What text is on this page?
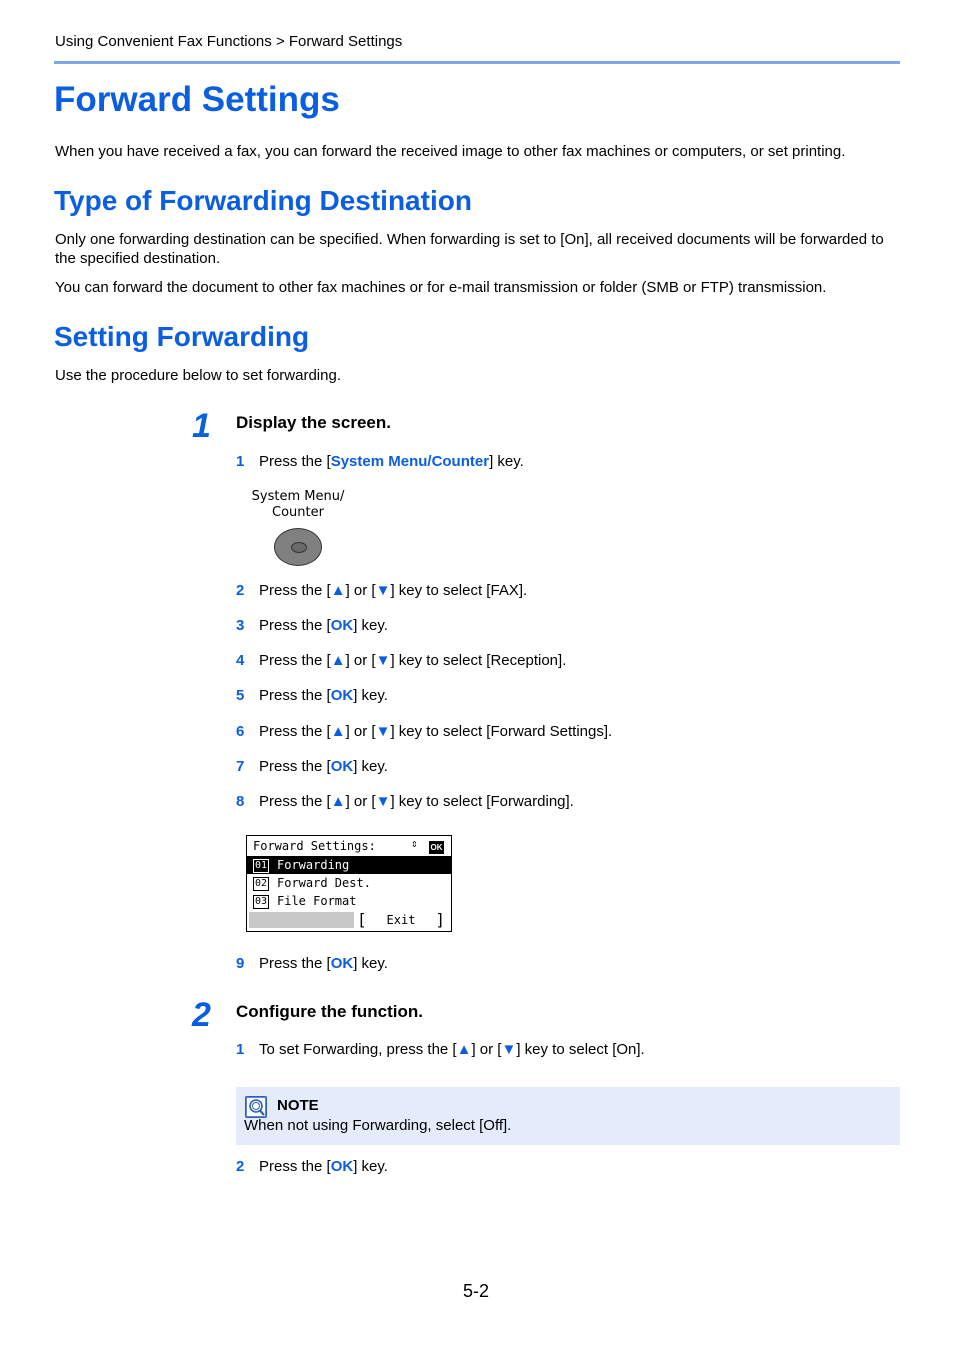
Using Convenient Fax Functions > Forward Settings
Forward Settings
When you have received a fax, you can forward the received image to other fax machines or computers, or set printing.
Type of Forwarding Destination
Only one forwarding destination can be specified. When forwarding is set to [On], all received documents will be forwarded to the specified destination.
You can forward the document to other fax machines or for e-mail transmission or folder (SMB or FTP) transmission.
Setting Forwarding
Use the procedure below to set forwarding.
1 Display the screen.
1 Press the [System Menu/Counter] key.
System Menu/
Counter
2 Press the [▲] or [▼] key to select [FAX].
3 Press the [OK] key.
4 Press the [▲] or [▼] key to select [Reception].
5 Press the [OK] key.
6 Press the [▲] or [▼] key to select [Forward Settings].
7 Press the [OK] key.
8 Press the [▲] or [▼] key to select [Forwarding].
Forward Settings:	⇕ OK
01 Forwarding
02 Forward Dest.
03 File Format
[ Exit ]
9 Press the [OK] key.
2 Configure the function.
1 To set Forwarding, press the [▲] or [▼] key to select [On].
NOTE
When not using Forwarding, select [Off].
2 Press the [OK] key.
5-2
